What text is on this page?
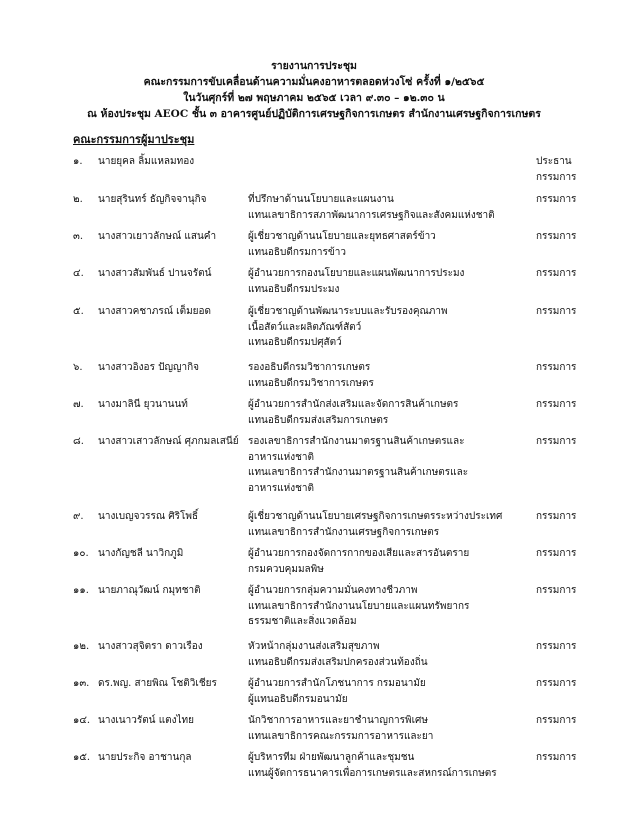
รายงานการประชุม
คณะกรรมการขับเคลื่อนด้านความมั่นคงอาหารตลอดห่วงโซ่ ครั้งที่ ๑/๒๕๖๕
ในวันศุกร์ที่ ๒๗ พฤษภาคม ๒๕๖๕ เวลา ๙.๓๐ – ๑๒.๓๐ น
ณ ห้องประชุม AEOC ชั้น ๓ อาคารศูนย์ปฏิบัติการเศรษฐกิจการเกษตร สำนักงานเศรษฐกิจการเกษตร
คณะกรรมการผู้มาประชุม
๑. นายยุคล ลิ้มแหลมทอง	ประธาน
กรรมการ
๒. นายสุรินทร์ ธัญกิจจานุกิจ	ที่ปรึกษาด้านนโยบายและแผนงาน
แทนเลขาธิการสภาพัฒนาการเศรษฐกิจและสังคมแห่งชาติ
กรรมการ
๓. นางสาวเยาวลักษณ์ แสนคำ	ผู้เชี่ยวชาญด้านนโยบายและยุทธศาสตร์ข้าว
แทนอธิบดีกรมการข้าว
กรรมการ
๔. นางสาวสัมพันธ์ ปานจรัตน์	ผู้อำนวยการกองนโยบายและแผนพัฒนาการประมง
แทนอธิบดีกรมประมง
กรรมการ
๕. นางสาวคชาภรณ์ เต็มยอด	ผู้เชี่ยวชาญด้านพัฒนาระบบและรับรองคุณภาพ
เนื้อสัตว์และผลิตภัณฑ์สัตว์
แทนอธิบดีกรมปศุสัตว์
กรรมการ
๖. นางสาวอิงอร ปัญญากิจ	รองอธิบดีกรมวิชาการเกษตร
แทนอธิบดีกรมวิชาการเกษตร
กรรมการ
๗. นางมาลินี ยุวนานนท์	ผู้อำนวยการสำนักส่งเสริมและจัดการสินค้าเกษตร
แทนอธิบดีกรมส่งเสริมการเกษตร
กรรมการ
๘. นางสาวเสาวลักษณ์ ศุภกมลเสนีย์ รองเลขาธิการสำนักงานมาตรฐานสินค้าเกษตรและ
อาหารแห่งชาติ
แทนเลขาธิการสำนักงานมาตรฐานสินค้าเกษตรและ
อาหารแห่งชาติ
กรรมการ
๙. นางเบญจวรรณ ศิริโพธิ์	ผู้เชี่ยวชาญด้านนโยบายเศรษฐกิจการเกษตรระหว่างประเทศ
แทนเลขาธิการสำนักงานเศรษฐกิจการเกษตร
กรรมการ
๑๐. นางกัญชลี นาวิกภูมิ	ผู้อำนวยการกองจัดการกากของเสียและสารอันตราย
กรมควบคุมมลพิษ
กรรมการ
๑๑. นายภาณุวัฒน์ กมุทชาติ	ผู้อำนวยการกลุ่มความมั่นคงทางชีวภาพ
แทนเลขาธิการสำนักงานนโยบายและแผนทรัพยากร
ธรรมชาติและสิ่งแวดล้อม
กรรมการ
๑๒. นางสาวสุจิตรา ดาวเรือง	หัวหน้ากลุ่มงานส่งเสริมสุขภาพ
แทนอธิบดีกรมส่งเสริมปกครองส่วนท้องถิ่น
กรรมการ
๑๓. ดร.พญ. สายพิณ โชติวิเชียร	ผู้อำนวยการสำนักโภชนาการ กรมอนามัย
ผู้แทนอธิบดีกรมอนามัย
กรรมการ
๑๔. นางเนาวรัตน์ แตงไทย	นักวิชาการอาหารและยาชำนาญการพิเศษ
แทนเลขาธิการคณะกรรมการอาหารและยา
กรรมการ
๑๕. นายประกิจ อาชานกุล	ผู้บริหารทีม ฝ่ายพัฒนาลูกค้าและชุมชน
แทนผู้จัดการธนาคารเพื่อการเกษตรและสหกรณ์การเกษตร
กรรมการ
